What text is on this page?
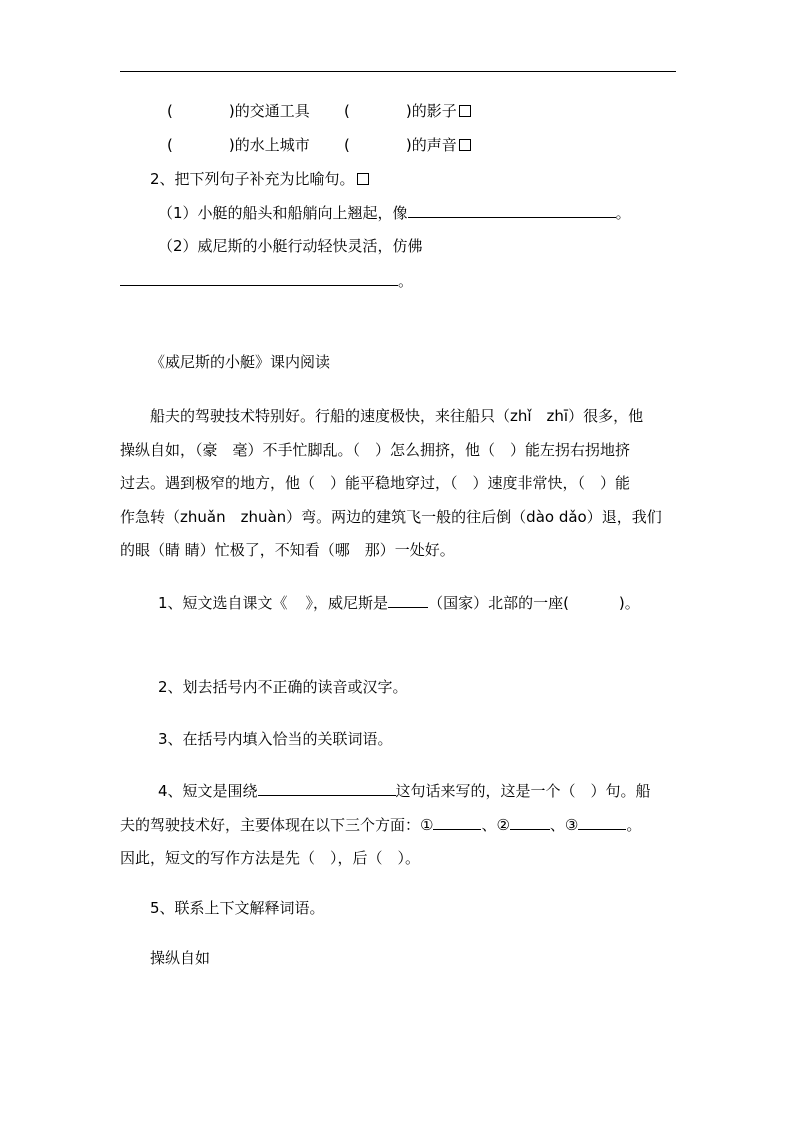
(	)的交通工具 (	)的影子
(	)的水上城市 (	)的声音
2、把下列句子补充为比喻句。
（1）小艇的船头和船艄向上翘起，像	。
（2）威尼斯的小艇行动轻快灵活，仿佛
。
《威尼斯的小艇》课内阅读
船夫的驾驶技术特别好。行船的速度极快，来往船只（zhǐ　zhī）很多，他
操纵自如，（豪　毫）不手忙脚乱。（　）怎么拥挤，他（　）能左拐右拐地挤
过去。遇到极窄的地方，他（　）能平稳地穿过，（　）速度非常快，（　）能
作急转（zhuǎn　zhuàn）弯。两边的建筑飞一般的往后倒（dào dǎo）退，我们
的眼（睛 睛）忙极了，不知看（哪　那）一处好。
1、短文选自课文《 》，威尼斯是	（国家）北部的一座(	)。
2、划去括号内不正确的读音或汉字。
3、在括号内填入恰当的关联词语。
4、短文是围绕	这句话来写的，这是一个（　）句。船
夫的驾驶技术好，主要体现在以下三个方面：①	、②	、③	。
因此，短文的写作方法是先（　），后（　）。
5、联系上下文解释词语。
操纵自如
